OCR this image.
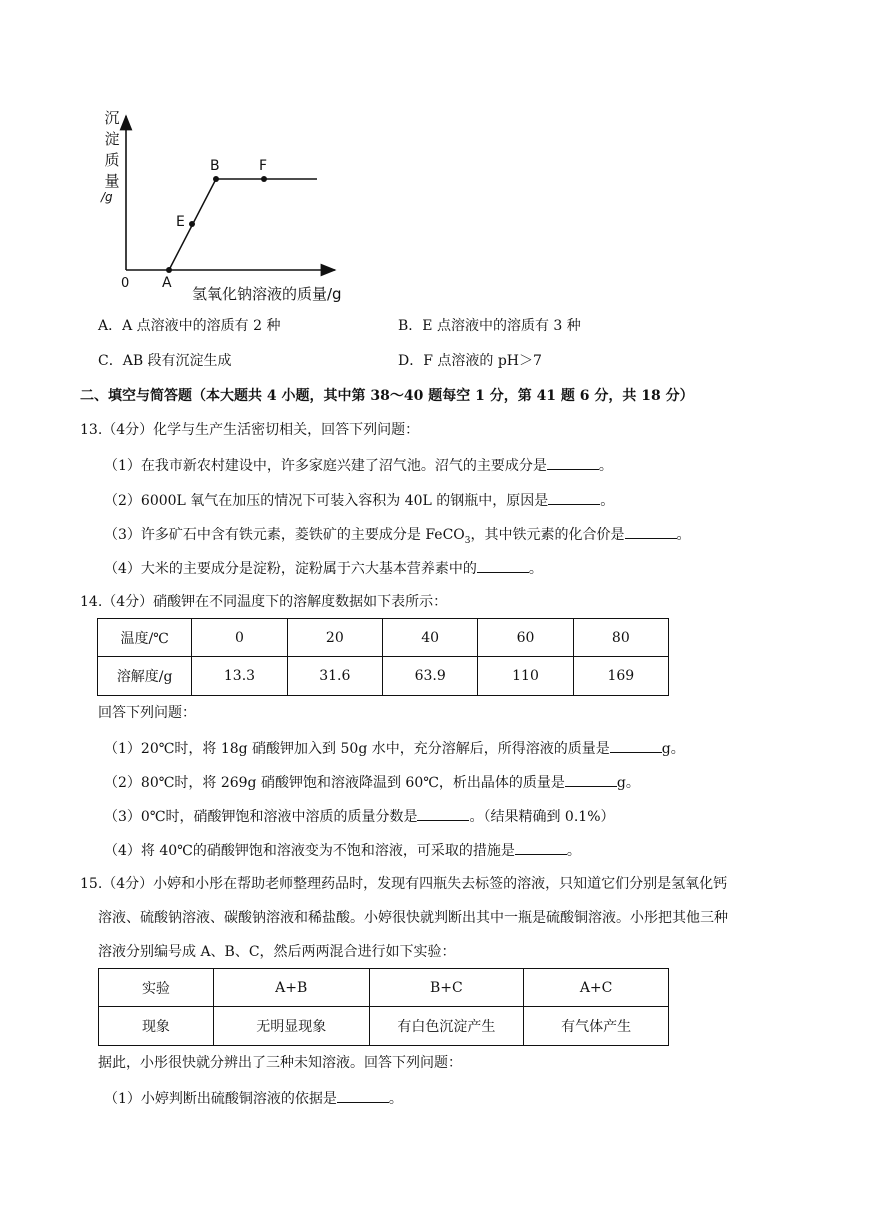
沉
淀
质
量
/g
0 A
E
B	F
氢氧化钠溶液的质量/g
A．A 点溶液中的溶质有 2 种	B．E 点溶液中的溶质有 3 种
C．AB 段有沉淀生成	D．F 点溶液的 pH＞7
二、填空与简答题（本大题共 4 小题，其中第 38～40 题每空 1 分，第 41 题 6 分，共 18 分）
13.（4分）化学与生产生活密切相关，回答下列问题：
（1）在我市新农村建设中，许多家庭兴建了沼气池。沼气的主要成分是	。
（2）6000L 氧气在加压的情况下可装入容积为 40L 的钢瓶中，原因是	。
（3）许多矿石中含有铁元素，菱铁矿的主要成分是 FeCO$_3$，其中铁元素的化合价是	。
（4）大米的主要成分是淀粉，淀粉属于六大基本营养素中的	。
14.（4分）硝酸钾在不同温度下的溶解度数据如下表所示：
温度/℃	0	20	40	60	80
溶解度/g	13.3	31.6	63.9	110	169
回答下列问题：
（1）20℃时，将 18g 硝酸钾加入到 50g 水中，充分溶解后，所得溶液的质量是	g。
（2）80℃时，将 269g 硝酸钾饱和溶液降温到 60℃，析出晶体的质量是	g。
（3）0℃时，硝酸钾饱和溶液中溶质的质量分数是	。（结果精确到 0.1%）
（4）将 40℃的硝酸钾饱和溶液变为不饱和溶液，可采取的措施是	。
15.（4分）小婷和小彤在帮助老师整理药品时，发现有四瓶失去标签的溶液，只知道它们分别是氢氧化钙
溶液、硫酸钠溶液、碳酸钠溶液和稀盐酸。小婷很快就判断出其中一瓶是硫酸铜溶液。小彤把其他三种
溶液分别编号成 A、B、C，然后两两混合进行如下实验：
实验	A+B	B+C	A+C
现象	无明显现象	有白色沉淀产生	有气体产生
据此，小彤很快就分辨出了三种未知溶液。回答下列问题：
（1）小婷判断出硫酸铜溶液的依据是	。
